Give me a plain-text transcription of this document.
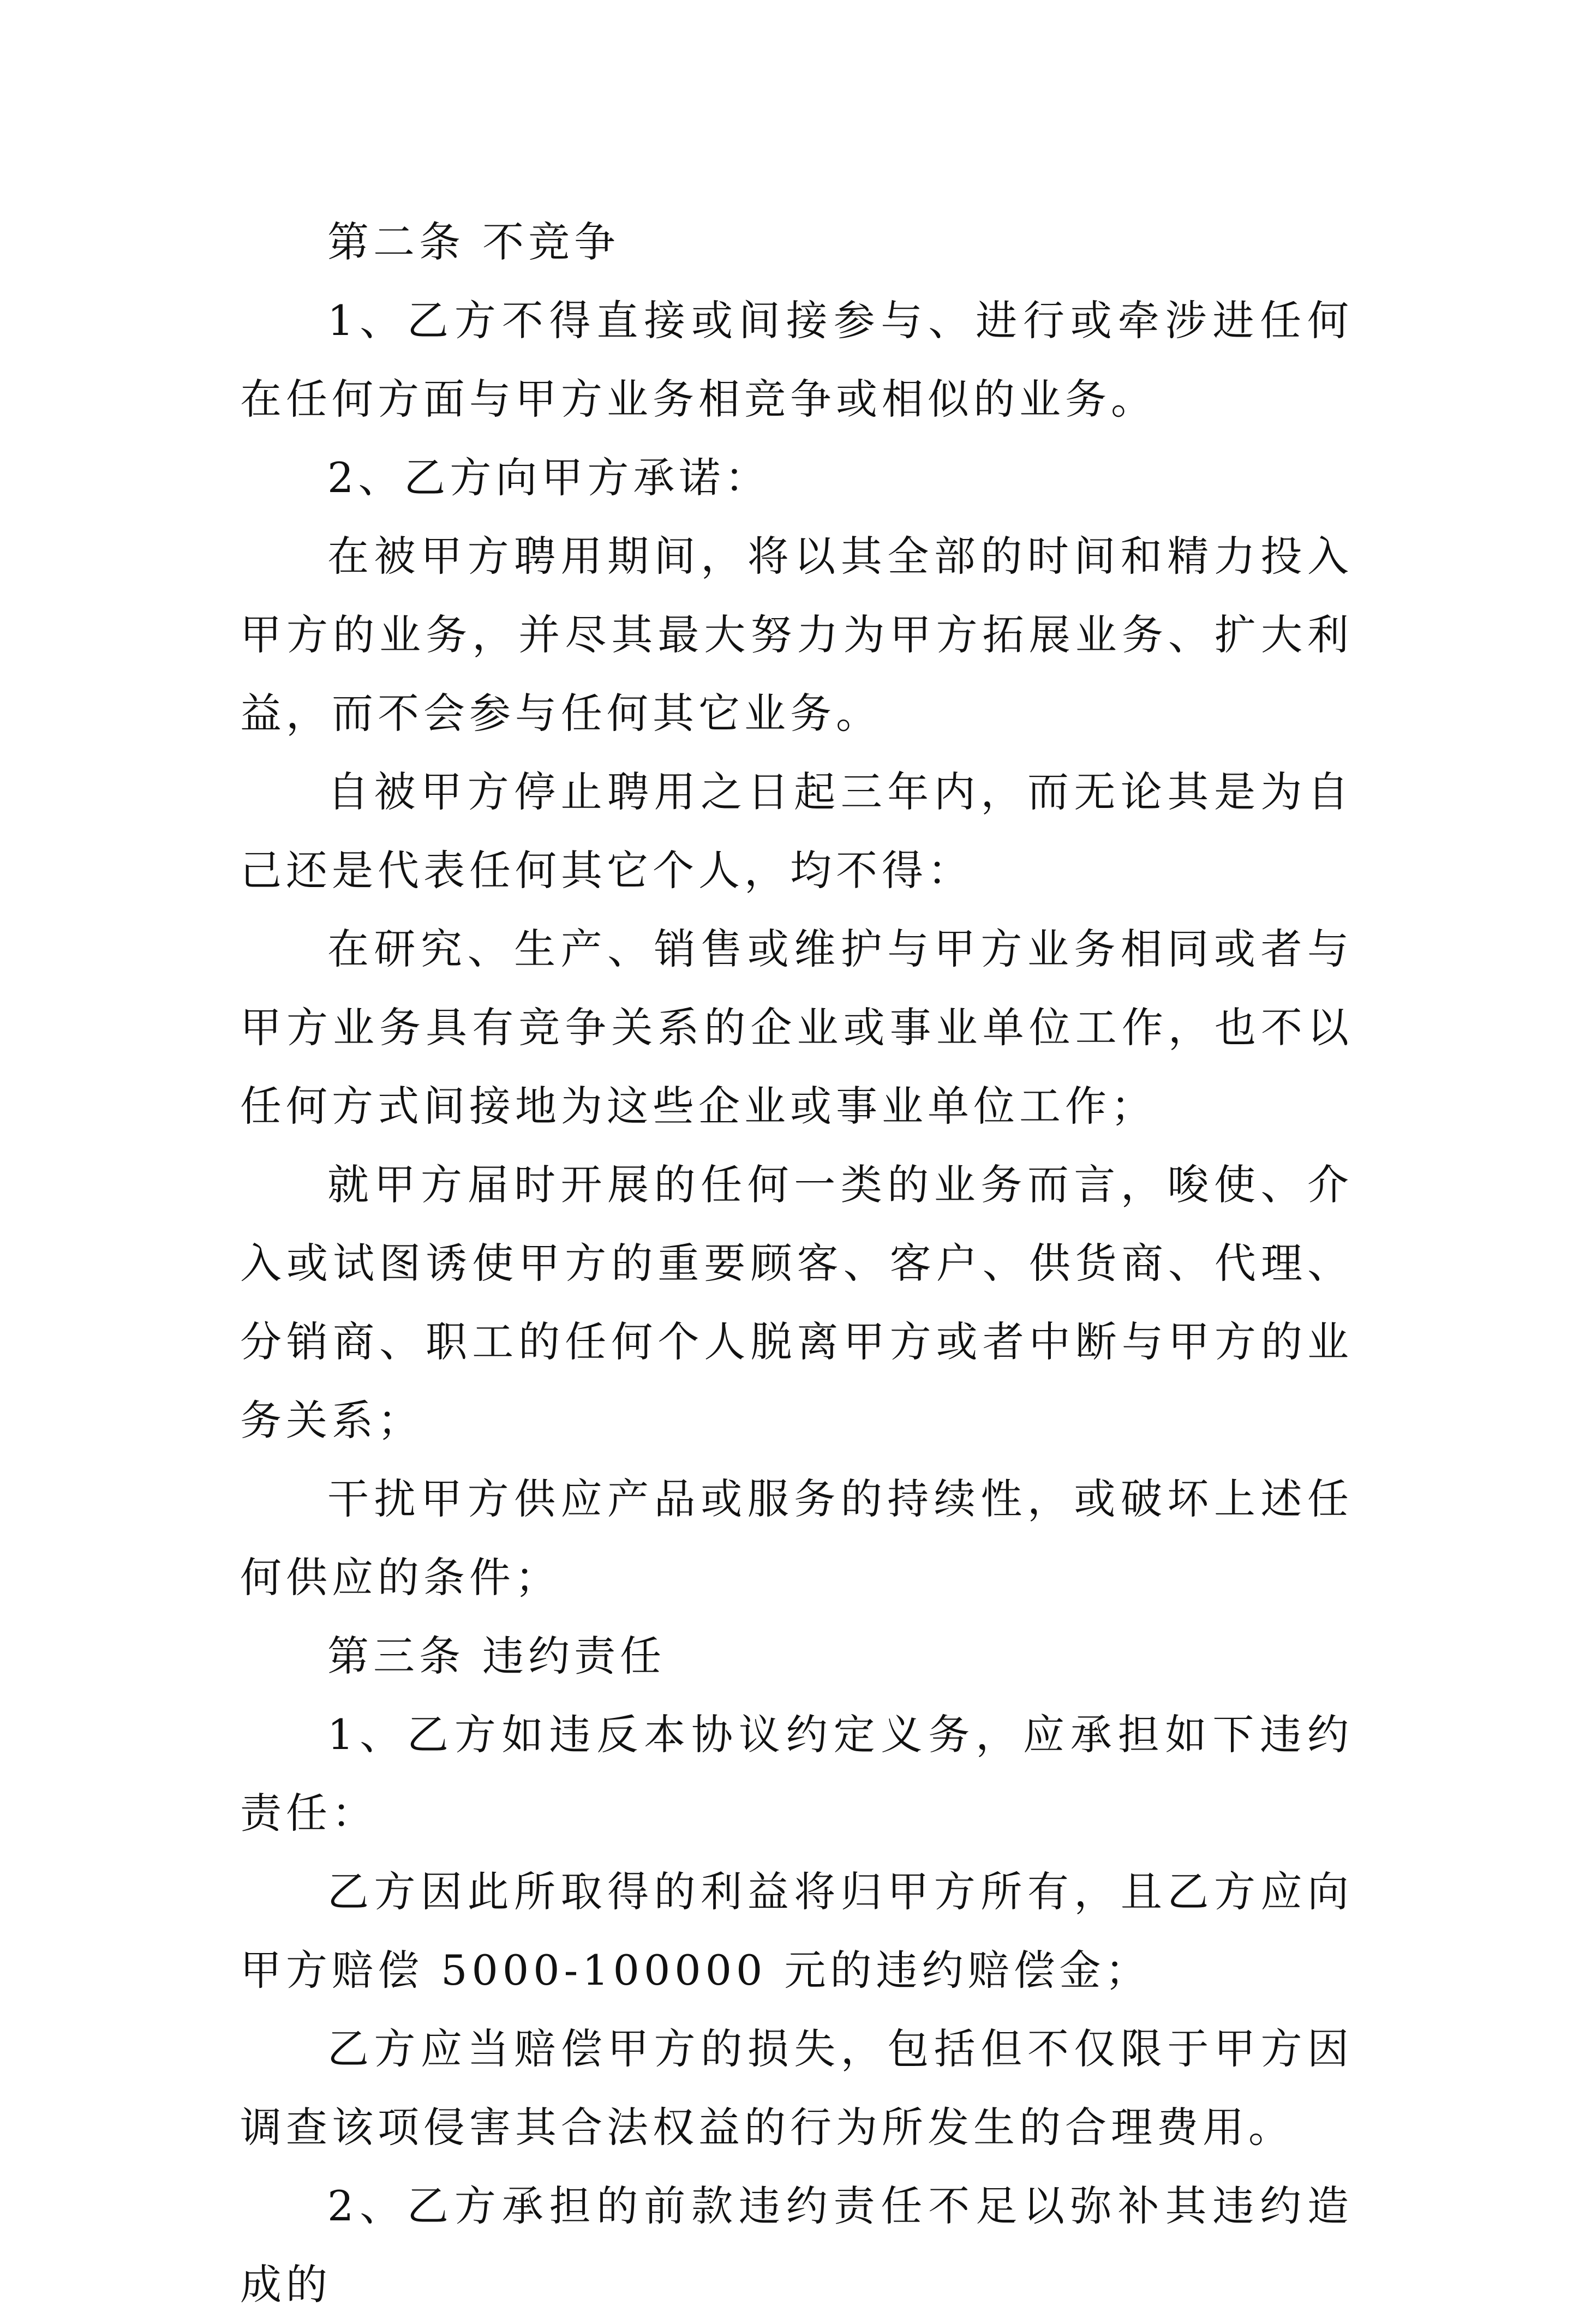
第二条 不竞争

1、乙方不得直接或间接参与、进行或牵涉进任何在任何方面与甲方业务相竞争或相似的业务。

2、乙方向甲方承诺：

在被甲方聘用期间，将以其全部的时间和精力投入甲方的业务，并尽其最大努力为甲方拓展业务、扩大利益，而不会参与任何其它业务。

自被甲方停止聘用之日起三年内，而无论其是为自己还是代表任何其它个人，均不得：

在研究、生产、销售或维护与甲方业务相同或者与甲方业务具有竞争关系的企业或事业单位工作，也不以任何方式间接地为这些企业或事业单位工作；

就甲方届时开展的任何一类的业务而言，唆使、介入或试图诱使甲方的重要顾客、客户、供货商、代理、分销商、职工的任何个人脱离甲方或者中断与甲方的业务关系；

干扰甲方供应产品或服务的持续性，或破坏上述任何供应的条件；

第三条 违约责任

1、乙方如违反本协议约定义务，应承担如下违约责任：

乙方因此所取得的利益将归甲方所有，且乙方应向甲方赔偿 5000-100000 元的违约赔偿金；

乙方应当赔偿甲方的损失，包括但不仅限于甲方因调查该项侵害其合法权益的行为所发生的合理费用。

2、乙方承担的前款违约责任不足以弥补其违约造成的
